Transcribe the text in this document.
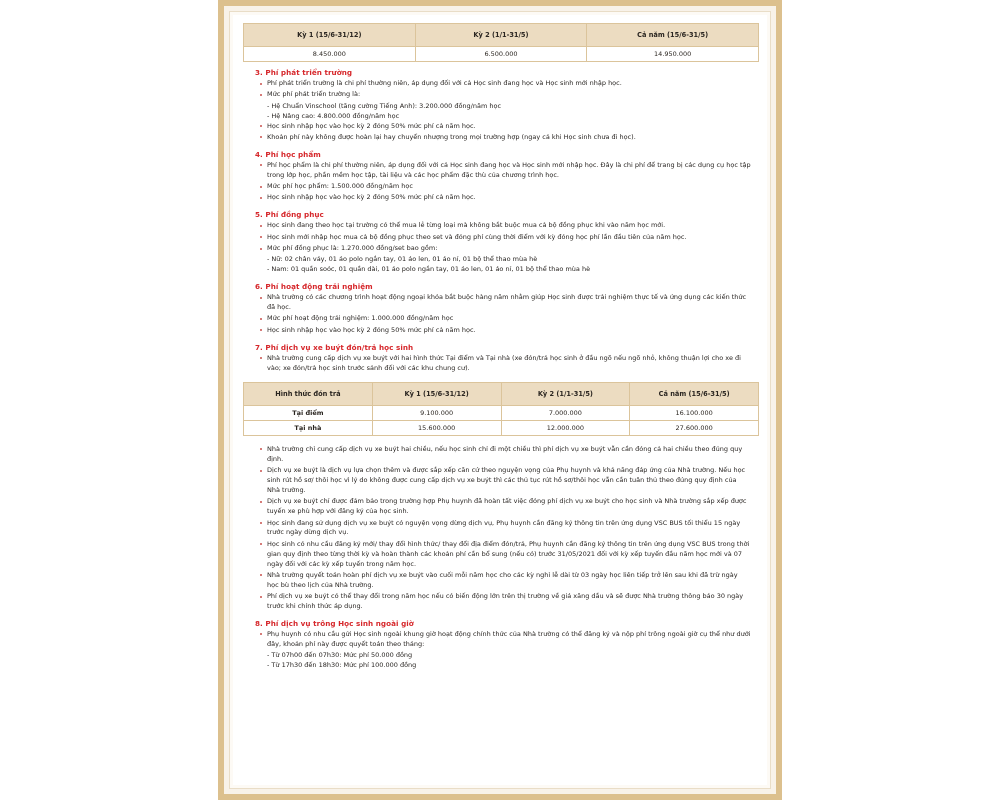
Kỳ 1 (15/6-31/12)	Kỳ 2 (1/1-31/5)	Cả năm (15/6-31/5)
8.450.000	6.500.000	14.950.000
3. Phí phát triển trường
Phí phát triển trường là chi phí thường niên, áp dụng đối với cả Học sinh đang học và Học sinh mới nhập học.
Mức phí phát triển trường là:
- Hệ Chuẩn Vinschool (tăng cường Tiếng Anh): 3.200.000 đồng/năm học
- Hệ Nâng cao: 4.800.000 đồng/năm học
Học sinh nhập học vào học kỳ 2 đóng 50% mức phí cả năm học.
Khoản phí này không được hoàn lại hay chuyển nhượng trong mọi trường hợp (ngay cả khi Học sinh chưa đi học).
4. Phí học phẩm
Phí học phẩm là chi phí thường niên, áp dụng đối với cả Học sinh đang học và Học sinh mới nhập học. Đây là chi phí để trang bị các dụng cụ học tập trong lớp học, phần mềm học tập, tài liệu và các học phẩm đặc thù của chương trình học.
Mức phí học phẩm: 1.500.000 đồng/năm học
Học sinh nhập học vào học kỳ 2 đóng 50% mức phí cả năm học.
5. Phí đồng phục
Học sinh đang theo học tại trường có thể mua lẻ từng loại mà không bắt buộc mua cả bộ đồng phục khi vào năm học mới.
Học sinh mới nhập học mua cả bộ đồng phục theo set và đóng phí cùng thời điểm với kỳ đóng học phí lần đầu tiên của năm học.
Mức phí đồng phục là: 1.270.000 đồng/set bao gồm:
- Nữ: 02 chân váy, 01 áo polo ngắn tay, 01 áo len, 01 áo nỉ, 01 bộ thể thao mùa hè
- Nam: 01 quần soóc, 01 quần dài, 01 áo polo ngắn tay, 01 áo len, 01 áo nỉ, 01 bộ thể thao mùa hè
6. Phí hoạt động trải nghiệm
Nhà trường có các chương trình hoạt động ngoại khóa bắt buộc hàng năm nhằm giúp Học sinh được trải nghiệm thực tế và ứng dụng các kiến thức đã học.
Mức phí hoạt động trải nghiệm: 1.000.000 đồng/năm học
Học sinh nhập học vào học kỳ 2 đóng 50% mức phí cả năm học.
7. Phí dịch vụ xe buýt đón/trả học sinh
Nhà trường cung cấp dịch vụ xe buýt với hai hình thức Tại điểm và Tại nhà (xe đón/trả học sinh ở đầu ngõ nếu ngõ nhỏ, không thuận lợi cho xe đi vào; xe đón/trả học sinh trước sảnh đối với các khu chung cư).
Hình thức đón trả	Kỳ 1 (15/6-31/12)	Kỳ 2 (1/1-31/5)	Cả năm (15/6-31/5)
Tại điểm	9.100.000	7.000.000	16.100.000
Tại nhà	15.600.000	12.000.000	27.600.000
Nhà trường chỉ cung cấp dịch vụ xe buýt hai chiều, nếu học sinh chỉ đi một chiều thì phí dịch vụ xe buýt vẫn cần đóng cả hai chiều theo đúng quy định.
Dịch vụ xe buýt là dịch vụ lựa chọn thêm và được sắp xếp căn cứ theo nguyện vọng của Phụ huynh và khả năng đáp ứng của Nhà trường. Nếu học sinh rút hồ sơ/ thôi học vì lý do không được cung cấp dịch vụ xe buýt thì các thủ tục rút hồ sơ/thôi học vẫn cần tuân thủ theo đúng quy định của Nhà trường.
Dịch vụ xe buýt chỉ được đảm bảo trong trường hợp Phụ huynh đã hoàn tất việc đóng phí dịch vụ xe buýt cho học sinh và Nhà trường sắp xếp được tuyến xe phù hợp với đăng ký của học sinh.
Học sinh đang sử dụng dịch vụ xe buýt có nguyện vọng dừng dịch vụ, Phụ huynh cần đăng ký thông tin trên ứng dụng VSC BUS tối thiểu 15 ngày trước ngày dừng dịch vụ.
Học sinh có nhu cầu đăng ký mới/ thay đổi hình thức/ thay đổi địa điểm đón/trả, Phụ huynh cần đăng ký thông tin trên ứng dụng VSC BUS trong thời gian quy định theo từng thời kỳ và hoàn thành các khoản phí cần bổ sung (nếu có) trước 31/05/2021 đối với kỳ xếp tuyến đầu năm học mới và 07 ngày đối với các kỳ xếp tuyến trong năm học.
Nhà trường quyết toán hoàn phí dịch vụ xe buýt vào cuối mỗi năm học cho các kỳ nghỉ lễ dài từ 03 ngày học liên tiếp trở lên sau khi đã trừ ngày học bù theo lịch của Nhà trường.
Phí dịch vụ xe buýt có thể thay đổi trong năm học nếu có biến động lớn trên thị trường về giá xăng dầu và sẽ được Nhà trường thông báo 30 ngày trước khi chính thức áp dụng.
8. Phí dịch vụ trông Học sinh ngoài giờ
Phụ huynh có nhu cầu gửi Học sinh ngoài khung giờ hoạt động chính thức của Nhà trường có thể đăng ký và nộp phí trông ngoài giờ cụ thể như dưới đây, khoản phí này được quyết toán theo tháng:
- Từ 07h00 đến 07h30: Mức phí 50.000 đồng
- Từ 17h30 đến 18h30: Mức phí 100.000 đồng
